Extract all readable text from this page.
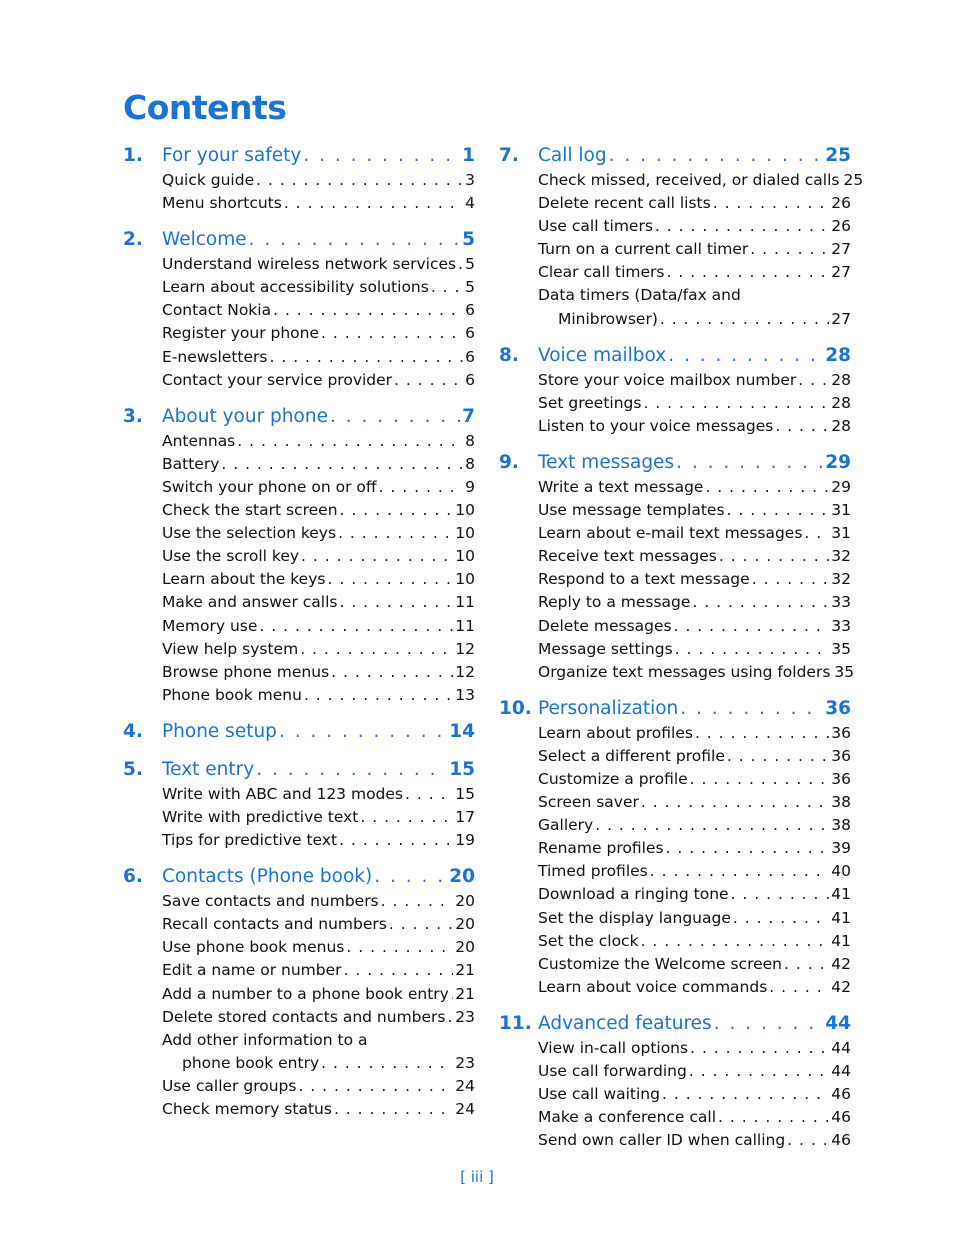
Contents
1.	For your safety . . .	1
Quick guide . . .	3
Menu shortcuts . . .	4
2.	Welcome . . .	5
Understand wireless network services . . . 5
Learn about accessibility solutions . . . 5
Contact Nokia . . .	6
Register your phone . . .	6
E-newsletters . . .	6
Contact your service provider . . .	6
3.	About your phone . . .	7
Antennas . . .	8
Battery . . .	8
Switch your phone on or off . . .	9
Check the start screen . . .	10
Use the selection keys . . .	10
Use the scroll key . . .	10
Learn about the keys . . .	10
Make and answer calls . . .	11
Memory use . . .	11
View help system . . .	12
Browse phone menus . . .	12
Phone book menu . . .	13
4.	Phone setup . . .	14
5.	Text entry . . .	15
Write with ABC and 123 modes . . .	15
Write with predictive text . . .	17
Tips for predictive text . . .	19
6.	Contacts (Phone book) . . .	20
Save contacts and numbers . . .	20
Recall contacts and numbers . . .	20
Use phone book menus . . .	20
Edit a name or number . . .	21
Add a number to a phone book entry . . . 21
Delete stored contacts and numbers . . . 23
Add other information to a
phone book entry . . .	23
Use caller groups . . .	24
Check memory status . . .	24
7.	Call log . . .	25
Check missed, received, or dialed calls 25
Delete recent call lists . . .	26
Use call timers . . .	26
Turn on a current call timer . . .	27
Clear call timers . . .	27
Data timers (Data/fax and
Minibrowser) . . .	27
8.	Voice mailbox . . .	28
Store your voice mailbox number . . . 28
Set greetings . . .	28
Listen to your voice messages . . .	28
9.	Text messages . . .	29
Write a text message . . .	29
Use message templates . . .	31
Learn about e-mail text messages . . . 31
Receive text messages . . .	32
Respond to a text message . . .	32
Reply to a message . . .	33
Delete messages . . .	33
Message settings . . .	35
Organize text messages using folders 35
10. Personalization . . .	36
Learn about profiles . . .	36
Select a different profile . . .	36
Customize a profile . . .	36
Screen saver . . .	38
Gallery . . .	38
Rename profiles . . .	39
Timed profiles . . .	40
Download a ringing tone . . .	41
Set the display language . . .	41
Set the clock . . .	41
Customize the Welcome screen . . .	42
Learn about voice commands . . .	42
11. Advanced features . . .	44
View in-call options . . .	44
Use call forwarding . . .	44
Use call waiting . . .	46
Make a conference call . . .	46
Send own caller ID when calling . . .	46
[ iii ]
